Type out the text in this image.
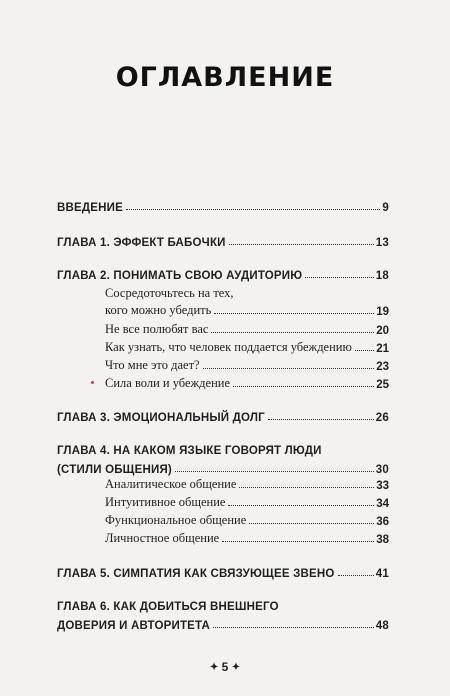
ОГЛАВЛЕНИЕ
ВВЕДЕНИЕ	9
ГЛАВА 1. ЭФФЕКТ БАБОЧКИ	13
ГЛАВА 2. ПОНИМАТЬ СВОЮ АУДИТОРИЮ	18
Сосредоточьтесь на тех,
кого можно убедить	19
Не все полюбят вас	20
Как узнать, что человек поддается убеждению 21
Что мне это дает?	23
Сила воли и убеждение	25
ГЛАВА 3. ЭМОЦИОНАЛЬНЫЙ ДОЛГ	26
ГЛАВА 4. НА КАКОМ ЯЗЫКЕ ГОВОРЯТ ЛЮДИ
(СТИЛИ ОБЩЕНИЯ)	30
Аналитическое общение	33
Интуитивное общение	34
Функциональное общение	36
Личностное общение	38
ГЛАВА 5. СИМПАТИЯ КАК СВЯЗУЮЩЕЕ ЗВЕНО	41
ГЛАВА 6. КАК ДОБИТЬСЯ ВНЕШНЕГО
ДОВЕРИЯ И АВТОРИТЕТА	48
✦ 5 ✦
